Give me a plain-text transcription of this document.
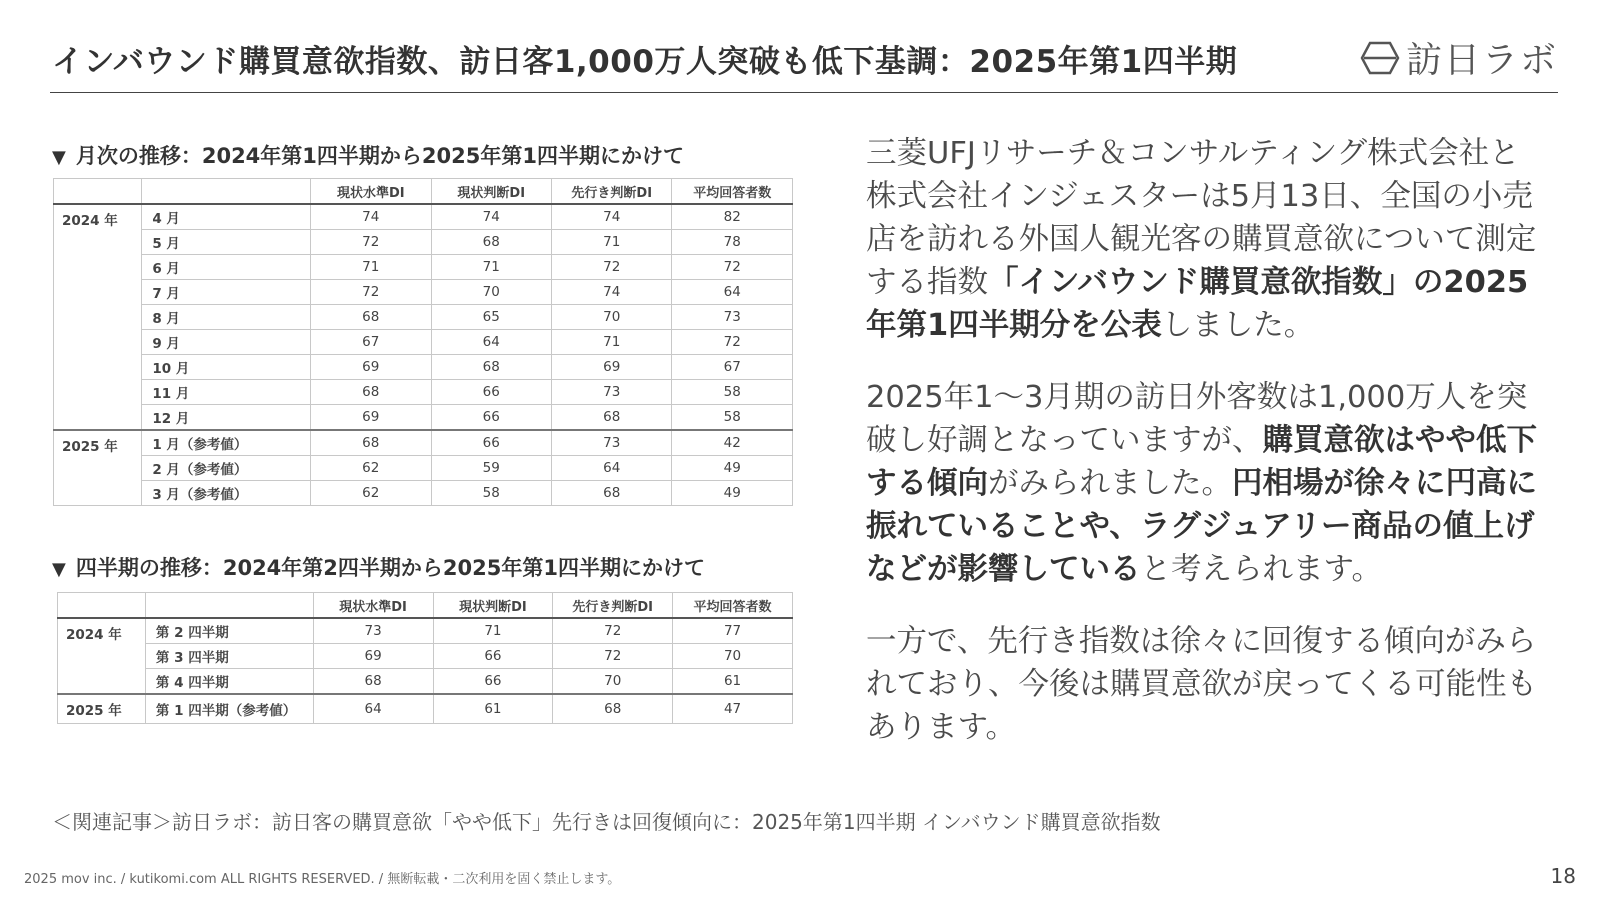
インバウンド購買意欲指数、訪日客1,000万人突破も低下基調：2025年第1四半期	訪日ラボ
▼ 月次の推移：2024年第1四半期から2025年第1四半期にかけて
		現状水準DI	現状判断DI	先行き判断DI	平均回答者数
2024 年	4 月	74	74	74	82
	5 月	72	68	71	78
	6 月	71	71	72	72
	7 月	72	70	74	64
	8 月	68	65	70	73
	9 月	67	64	71	72
	10 月	69	68	69	67
	11 月	68	66	73	58
	12 月	69	66	68	58
2025 年	1 月（参考値）	68	66	73	42
	2 月（参考値）	62	59	64	49
	3 月（参考値）	62	58	68	49
▼ 四半期の推移：2024年第2四半期から2025年第1四半期にかけて
		現状水準DI	現状判断DI	先行き判断DI	平均回答者数
2024 年	第 2 四半期	73	71	72	77
	第 3 四半期	69	66	72	70
	第 4 四半期	68	66	70	61
2025 年	第 1 四半期（参考値）	64	61	68	47

三菱UFJリサーチ＆コンサルティング株式会社と株式会社インジェスターは5月13日、全国の小売店を訪れる外国人観光客の購買意欲について測定する指数「インバウンド購買意欲指数」の2025年第1四半期分を公表しました。

2025年1〜3月期の訪日外客数は1,000万人を突破し好調となっていますが、購買意欲はやや低下する傾向がみられました。円相場が徐々に円高に振れていることや、ラグジュアリー商品の値上げなどが影響していると考えられます。

一方で、先行き指数は徐々に回復する傾向がみられており、今後は購買意欲が戻ってくる可能性もあります。

＜関連記事＞訪日ラボ：訪日客の購買意欲「やや低下」先行きは回復傾向に：2025年第1四半期 インバウンド購買意欲指数
2025 mov inc. / kutikomi.com ALL RIGHTS RESERVED. / 無断転載・二次利用を固く禁止します。	18
